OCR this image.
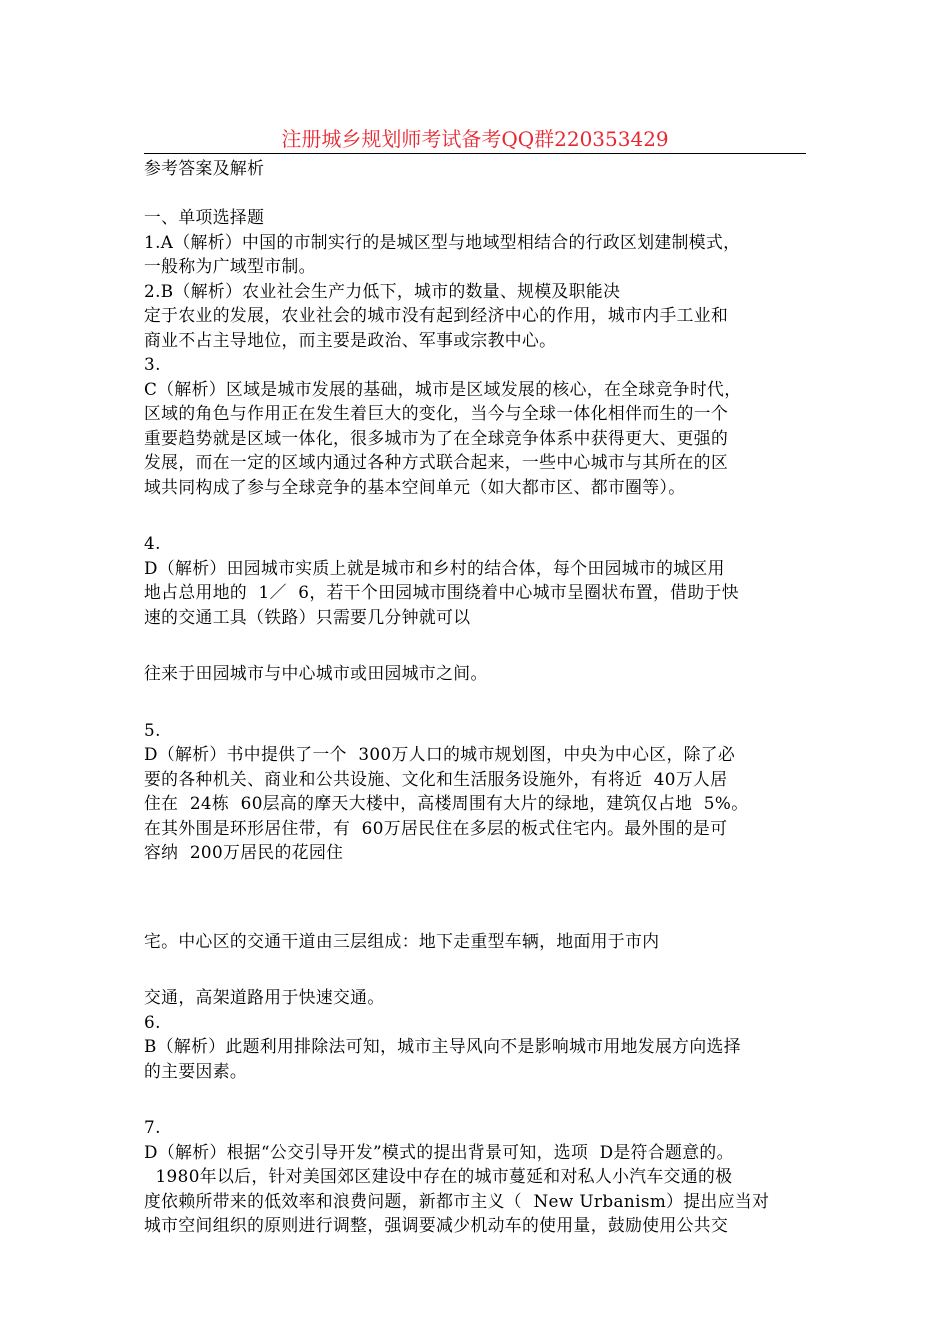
注册城乡规划师考试备考QQ群220353429
参考答案及解析
一、单项选择题
1.A（解析）中国的市制实行的是城区型与地域型相结合的行政区划建制模式，
一般称为广域型市制。
2.B（解析）农业社会生产力低下，城市的数量、规模及职能决
定于农业的发展，农业社会的城市没有起到经济中心的作用，城市内手工业和
商业不占主导地位，而主要是政治、军事或宗教中心。
3.
C（解析）区域是城市发展的基础，城市是区域发展的核心，在全球竞争时代，
区域的角色与作用正在发生着巨大的变化，当今与全球一体化相伴而生的一个
重要趋势就是区域一体化，很多城市为了在全球竞争体系中获得更大、更强的
发展，而在一定的区域内通过各种方式联合起来，一些中心城市与其所在的区
域共同构成了参与全球竞争的基本空间单元（如大都市区、都市圈等）。
4.
D（解析）田园城市实质上就是城市和乡村的结合体，每个田园城市的城区用
地占总用地的  1／  6，若干个田园城市围绕着中心城市呈圈状布置，借助于快
速的交通工具（铁路）只需要几分钟就可以
往来于田园城市与中心城市或田园城市之间。
5.
D（解析）书中提供了一个  300万人口的城市规划图，中央为中心区，除了必
要的各种机关、商业和公共设施、文化和生活服务设施外，有将近  40万人居
住在  24栋  60层高的摩天大楼中，高楼周围有大片的绿地，建筑仅占地  5%。
在其外围是环形居住带，有  60万居民住在多层的板式住宅内。最外围的是可
容纳  200万居民的花园住
宅。中心区的交通干道由三层组成：地下走重型车辆，地面用于市内
交通，高架道路用于快速交通。
6.
B（解析）此题利用排除法可知，城市主导风向不是影响城市用地发展方向选择
的主要因素。
7.
D（解析）根据“公交引导开发”模式的提出背景可知，选项  D是符合题意的。
1980年以后，针对美国郊区建设中存在的城市蔓延和对私人小汽车交通的极
度依赖所带来的低效率和浪费问题，新都市主义（  New Urbanism）提出应当对
城市空间组织的原则进行调整，强调要减少机动车的使用量，鼓励使用公共交
